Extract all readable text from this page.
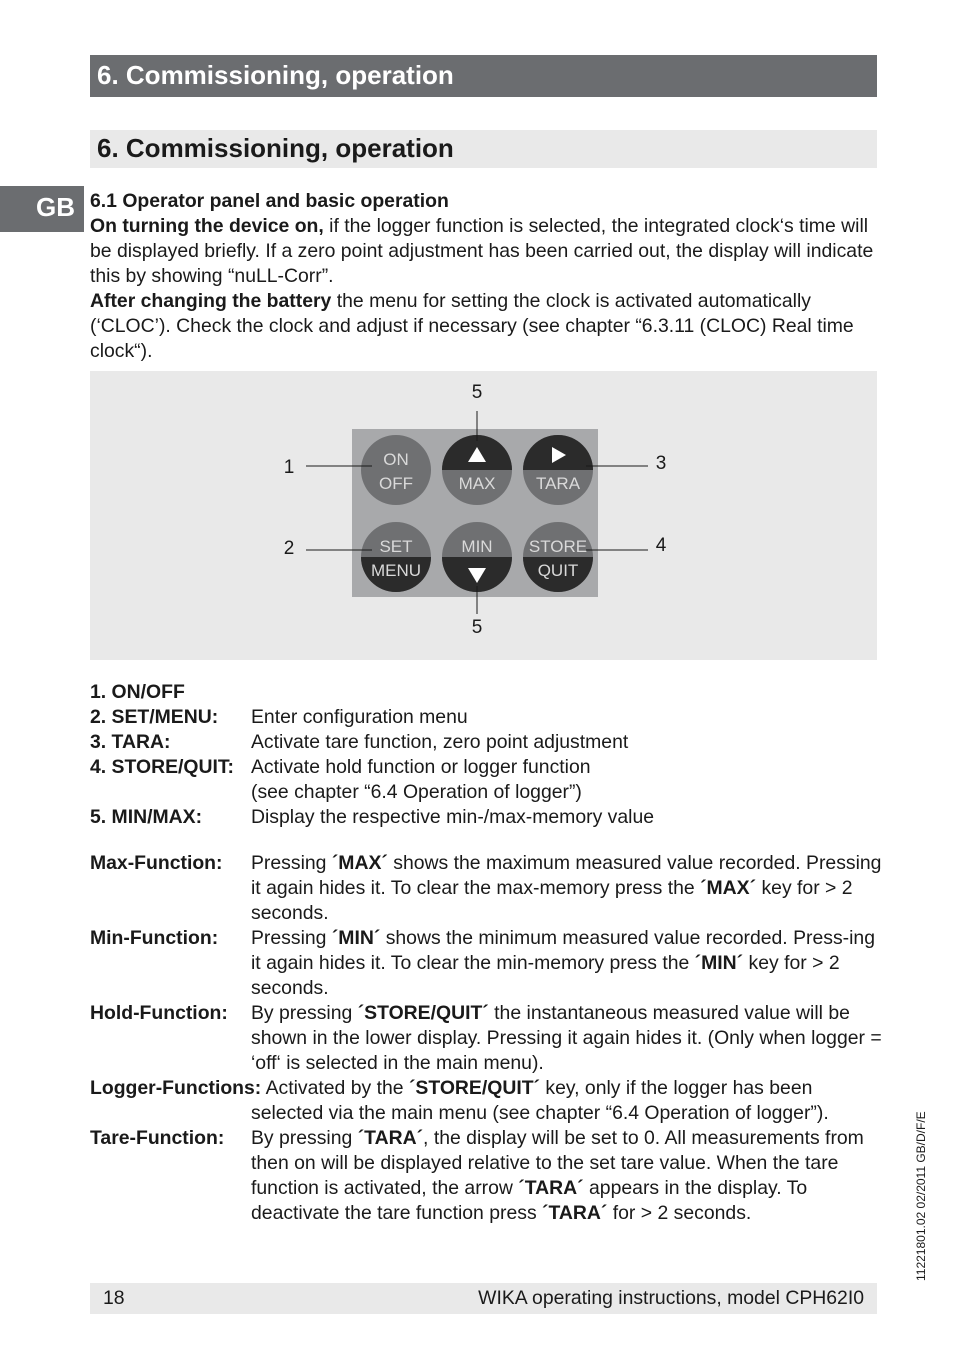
6. Commissioning, operation
6. Commissioning, operation
GB 6.1 Operator panel and basic operation

On turning the device on, if the logger function is selected, the integrated clock‘s time will be displayed briefly. If a zero point adjustment has been carried out, the display will indicate this by showing “nuLL-Corr”.

After changing the battery the menu for setting the clock is activated automatically (‘CLOC’). Check the clock and adjust if necessary (see chapter “6.3.11 (CLOC) Real time clock“).

ON
OFF	MAX TARA
SET
MENU
MIN STORE
QUIT
1
2
3
4
5
5
1. ON/OFF
2. SET/MENU:	Enter configuration menu
3. TARA:	Activate tare function, zero point adjustment
4. STORE/QUIT: Activate hold function or logger function
(see chapter “6.4 Operation of logger”)
5. MIN/MAX:	Display the respective min-/max-memory value
Max-Function:	Pressing ´MAX´ shows the maximum measured value recorded. Pressing it again hides it. To clear the max-memory press the ´MAX´ key for > 2 seconds.
Min-Function:	Pressing ´MIN´ shows the minimum measured value recorded. Press-ing it again hides it. To clear the min-memory press the ´MIN´ key for > 2 seconds.
Hold-Function:	By pressing ´STORE/QUIT´ the instantaneous measured value will be shown in the lower display. Pressing it again hides it. (Only when logger = ‘off‘ is selected in the main menu).
Logger-Functions: Activated by the ´STORE/QUIT´ key, only if the logger has been
selected via the main menu (see chapter “6.4 Operation of logger”).
Tare-Function:	By pressing ´TARA´, the display will be set to 0. All measurements from then on will be displayed relative to the set tare value. When the tare function is activated, the arrow ´TARA´ appears in the display. To deactivate the tare function press ´TARA´ for > 2 seconds.	11221801.02 02/2011 GB/D/F/E
18	WIKA operating instructions, model CPH62I0
